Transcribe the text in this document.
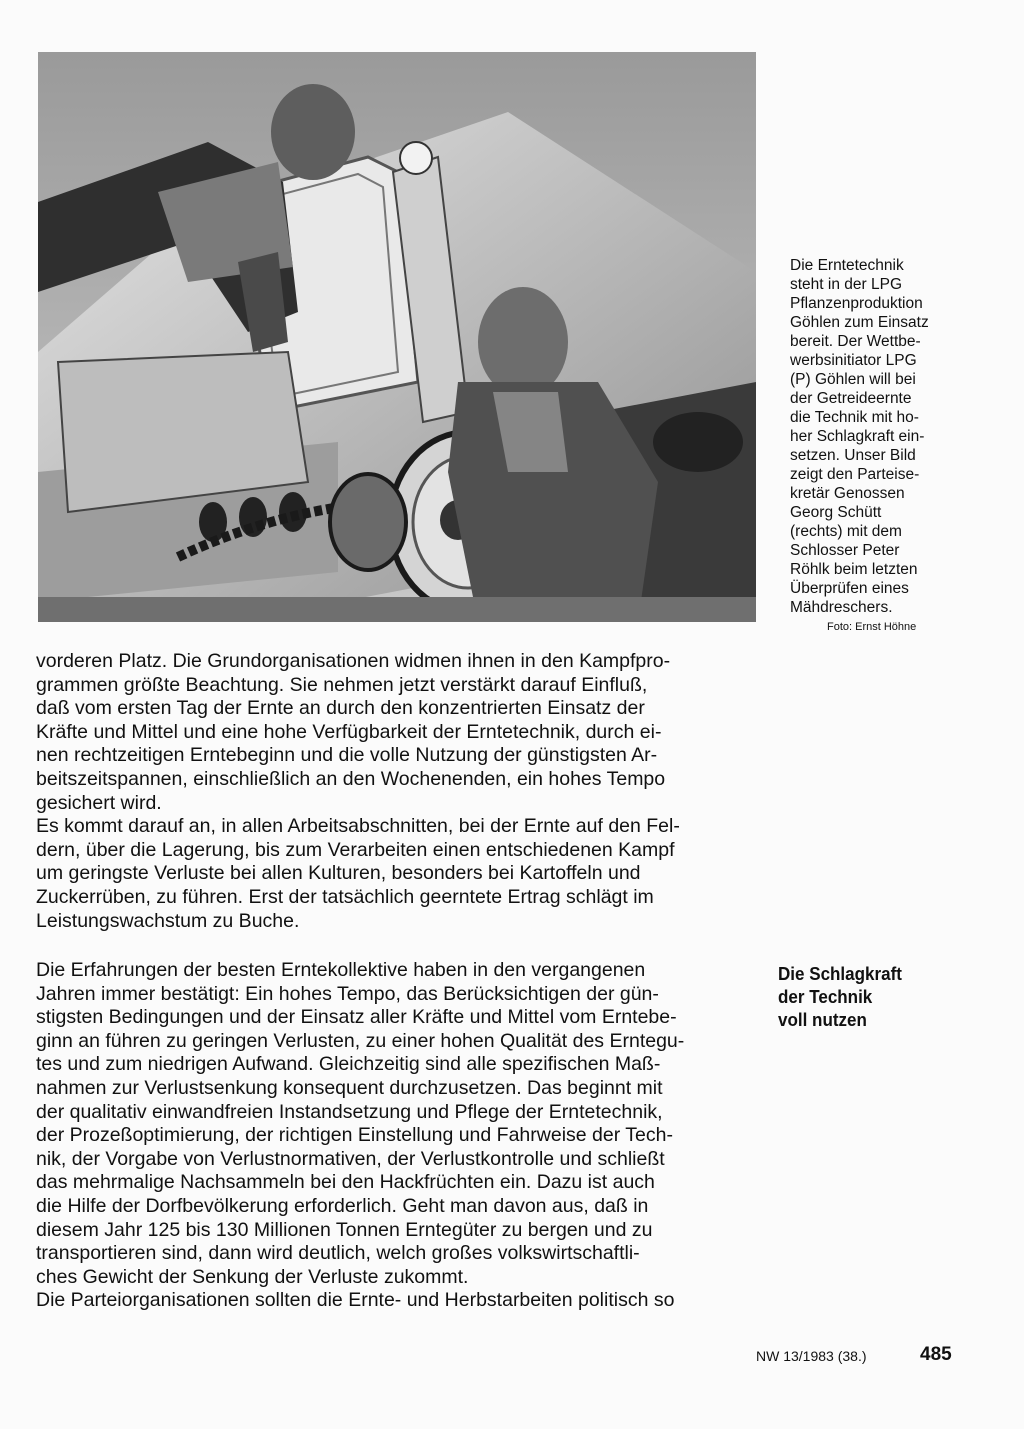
Die Erntetechnik
steht in der LPG
Pflanzenproduktion
Göhlen zum Einsatz
bereit. Der Wettbe-
werbsinitiator LPG
(P) Göhlen will bei
der Getreideernte
die Technik mit ho-
her Schlagkraft ein-
setzen. Unser Bild
zeigt den Parteise-
kretär Genossen
Georg Schütt
(rechts) mit dem
Schlosser Peter
Röhlk beim letzten
Überprüfen eines
Mähdreschers.
Foto: Ernst Höhne
vorderen Platz. Die Grundorganisationen widmen ihnen in den Kampfpro-
grammen größte Beachtung. Sie nehmen jetzt verstärkt darauf Einfluß,
daß vom ersten Tag der Ernte an durch den konzentrierten Einsatz der
Kräfte und Mittel und eine hohe Verfügbarkeit der Erntetechnik, durch ei-
nen rechtzeitigen Erntebeginn und die volle Nutzung der günstigsten Ar-
beitszeitspannen, einschließlich an den Wochenenden, ein hohes Tempo
gesichert wird.
Es kommt darauf an, in allen Arbeitsabschnitten, bei der Ernte auf den Fel-
dern, über die Lagerung, bis zum Verarbeiten einen entschiedenen Kampf
um geringste Verluste bei allen Kulturen, besonders bei Kartoffeln und
Zuckerrüben, zu führen. Erst der tatsächlich geerntete Ertrag schlägt im
Leistungswachstum zu Buche.
Die Schlagkraft
der Technik
voll nutzen
Die Erfahrungen der besten Erntekollektive haben in den vergangenen
Jahren immer bestätigt: Ein hohes Tempo, das Berücksichtigen der gün-
stigsten Bedingungen und der Einsatz aller Kräfte und Mittel vom Erntebe-
ginn an führen zu geringen Verlusten, zu einer hohen Qualität des Erntegu-
tes und zum niedrigen Aufwand. Gleichzeitig sind alle spezifischen Maß-
nahmen zur Verlustsenkung konsequent durchzusetzen. Das beginnt mit
der qualitativ einwandfreien Instandsetzung und Pflege der Erntetechnik,
der Prozeßoptimierung, der richtigen Einstellung und Fahrweise der Tech-
nik, der Vorgabe von Verlustnormativen, der Verlustkontrolle und schließt
das mehrmalige Nachsammeln bei den Hackfrüchten ein. Dazu ist auch
die Hilfe der Dorfbevölkerung erforderlich. Geht man davon aus, daß in
diesem Jahr 125 bis 130 Millionen Tonnen Erntegüter zu bergen und zu
transportieren sind, dann wird deutlich, welch großes volkswirtschaftli-
ches Gewicht der Senkung der Verluste zukommt.
Die Parteiorganisationen sollten die Ernte- und Herbstarbeiten politisch so
NW 13/1983 (38.)	485
